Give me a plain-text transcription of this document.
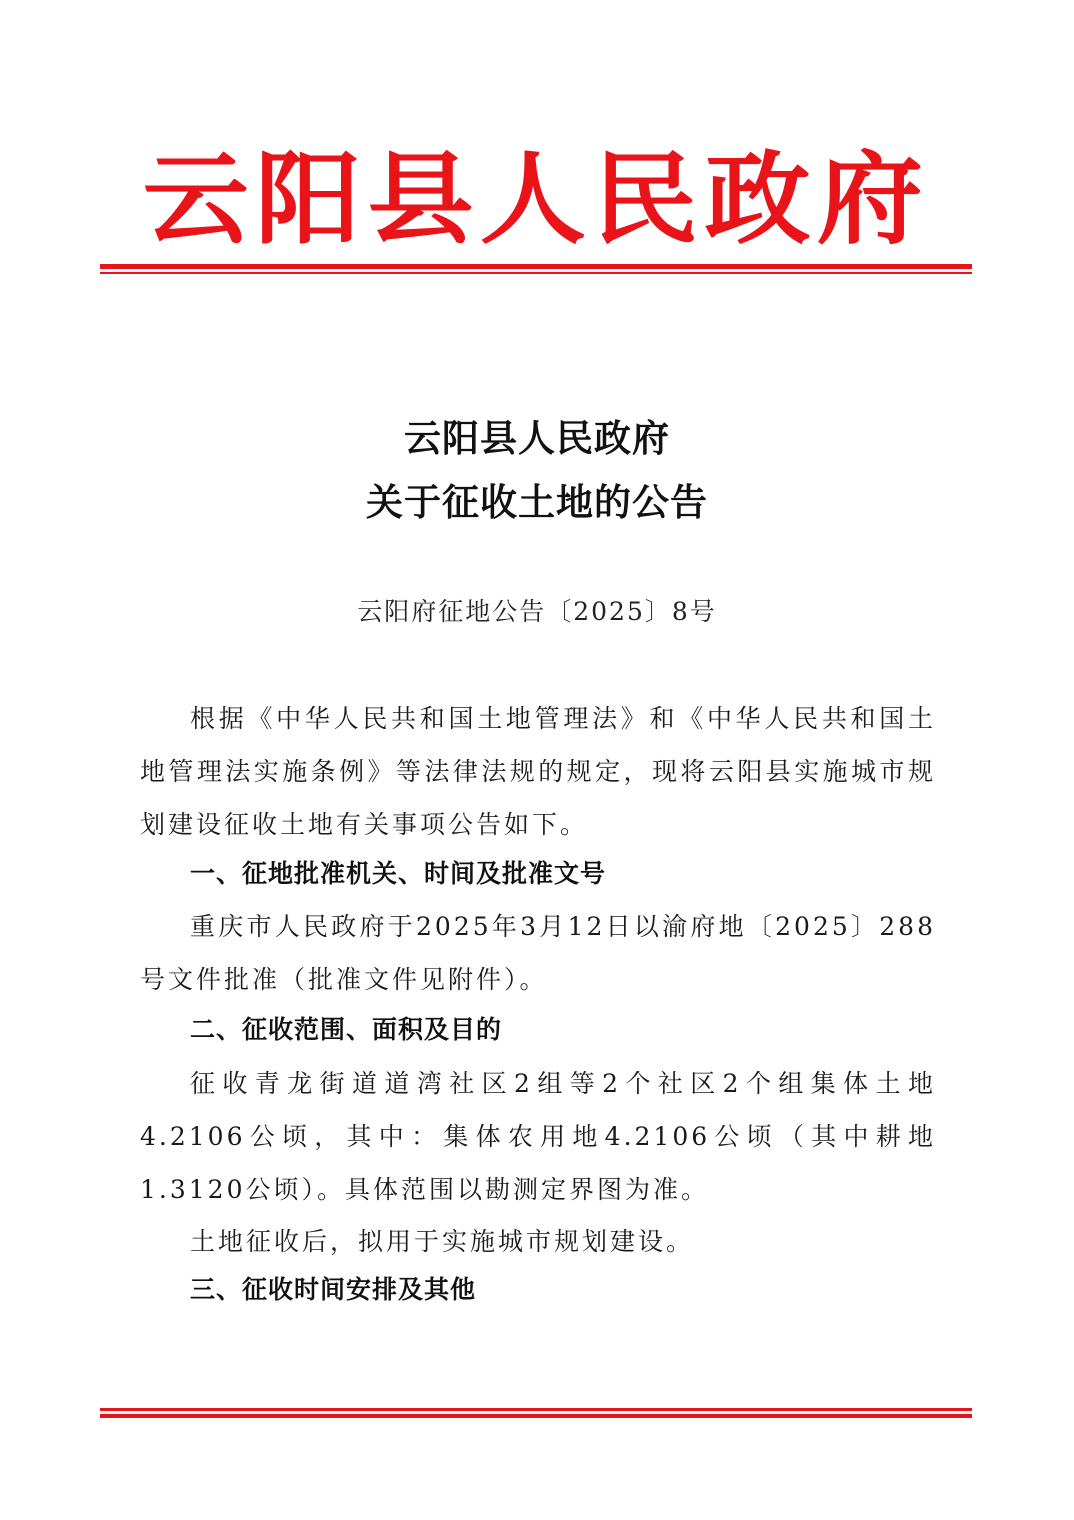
云阳县人民政府
云阳县人民政府
关于征收土地的公告
云阳府征地公告〔2025〕8号

根据《中华人民共和国土地管理法》和《中华人民共和国土地管理法实施条例》等法律法规的规定，现将云阳县实施城市规划建设征收土地有关事项公告如下。

一、征地批准机关、时间及批准文号

重庆市人民政府于2025年3月12日以渝府地〔2025〕288号文件批准（批准文件见附件）。

二、征收范围、面积及目的

征收青龙街道道湾社区2组等2个社区2个组集体土地4.2106公顷，其中：集体农用地4.2106公顷（其中耕地1.3120公顷）。具体范围以勘测定界图为准。

土地征收后，拟用于实施城市规划建设。

三、征收时间安排及其他
